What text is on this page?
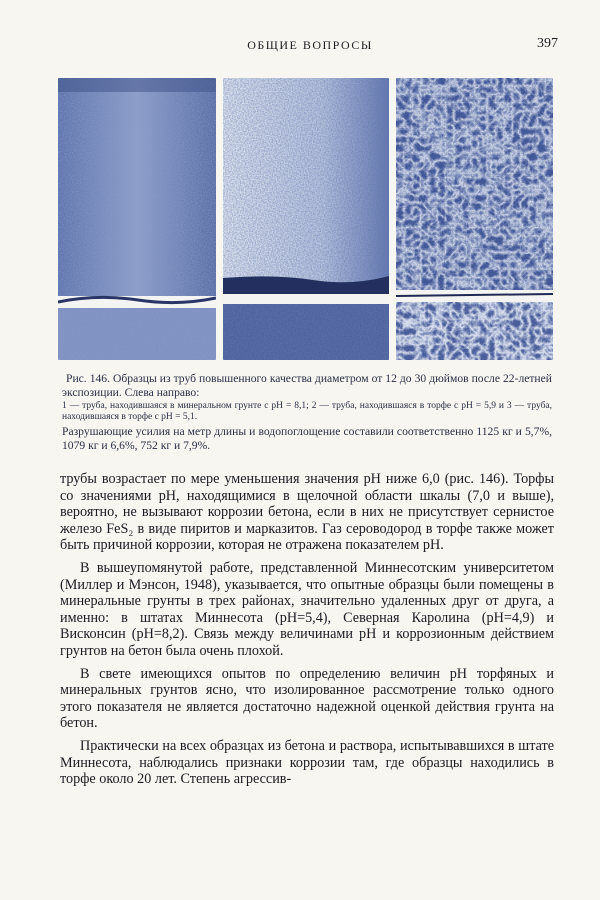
ОБЩИЕ ВОПРОСЫ	397

Рис. 146. Образцы из труб повышенного качества диаметром от 12 до 30 дюймов после 22-летней экспозиции. Слева направо:

1 — труба, находившаяся в минеральном грунте с pH = 8,1; 2 — труба, находившаяся в торфе с pH = 5,9 и 3 — труба, находившаяся в торфе с pH = 5,1.

Разрушающие усилия на метр длины и водопоглощение составили соответственно 1125 кг и 5,7%, 1079 кг и 6,6%, 752 кг и 7,9%.

трубы возрастает по мере уменьшения значения pH ниже 6,0 (рис. 146). Торфы со значениями pH, находящимися в щелочной области шкалы (7,0 и выше), вероятно, не вызывают коррозии бетона, если в них не присутствует сернистое железо FeS₂ в виде пиритов и марказитов. Газ сероводород в торфе также может быть причиной коррозии, которая не отражена показателем pH.

В вышеупомянутой работе, представленной Миннесотским университетом (Миллер и Мэнсон, 1948), указывается, что опытные образцы были помещены в минеральные грунты в трех районах, значительно удаленных друг от друга, а именно: в штатах Миннесота (pH=5,4), Северная Каролина (pH=4,9) и Висконсин (pH=8,2). Связь между величинами pH и коррозионным действием грунтов на бетон была очень плохой.

В свете имеющихся опытов по определению величин pH торфяных и минеральных грунтов ясно, что изолированное рассмотрение только одного этого показателя не является достаточно надежной оценкой действия грунта на бетон.

Практически на всех образцах из бетона и раствора, испытывавшихся в штате Миннесота, наблюдались признаки коррозии там, где образцы находились в торфе около 20 лет. Степень агрессив-
